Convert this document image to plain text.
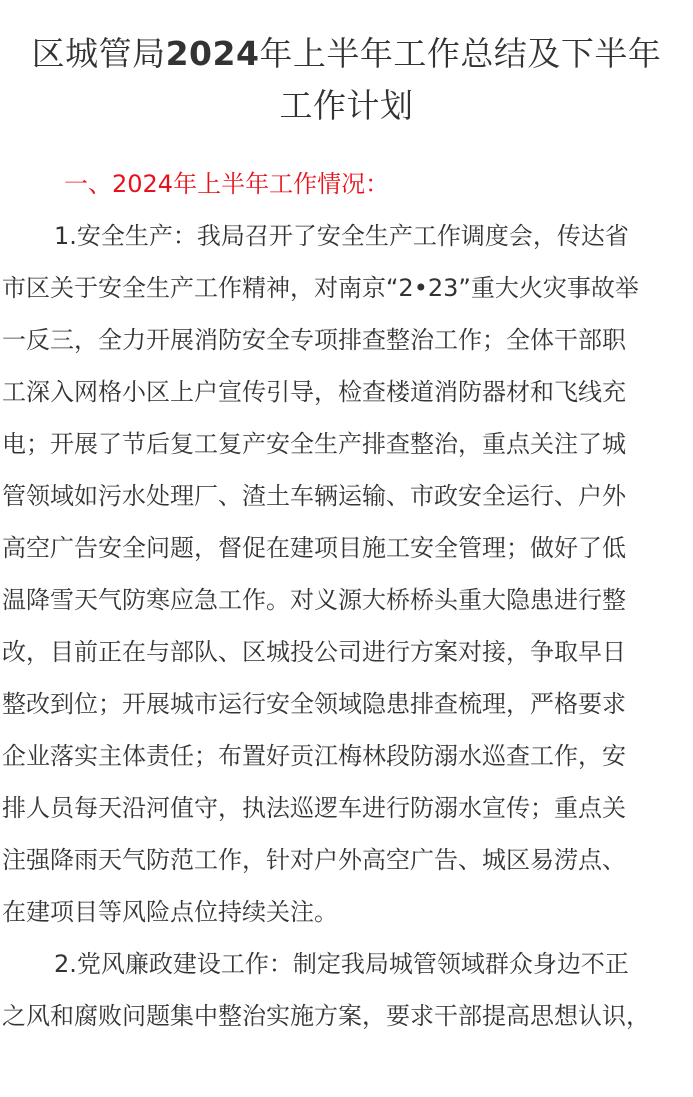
区城管局2024年上半年工作总结及下半年
工作计划
一、2024年上半年工作情况：
1.安全生产：我局召开了安全生产工作调度会，传达省
市区关于安全生产工作精神，对南京“2•23”重大火灾事故举
一反三，全力开展消防安全专项排查整治工作；全体干部职
工深入网格小区上户宣传引导，检查楼道消防器材和飞线充
电；开展了节后复工复产安全生产排查整治，重点关注了城
管领域如污水处理厂、渣土车辆运输、市政安全运行、户外
高空广告安全问题，督促在建项目施工安全管理；做好了低
温降雪天气防寒应急工作。对义源大桥桥头重大隐患进行整
改，目前正在与部队、区城投公司进行方案对接，争取早日
整改到位；开展城市运行安全领域隐患排查梳理，严格要求
企业落实主体责任；布置好贡江梅林段防溺水巡查工作，安
排人员每天沿河值守，执法巡逻车进行防溺水宣传；重点关
注强降雨天气防范工作，针对户外高空广告、城区易涝点、
在建项目等风险点位持续关注。
2.党风廉政建设工作：制定我局城管领域群众身边不正
之风和腐败问题集中整治实施方案，要求干部提高思想认识，
